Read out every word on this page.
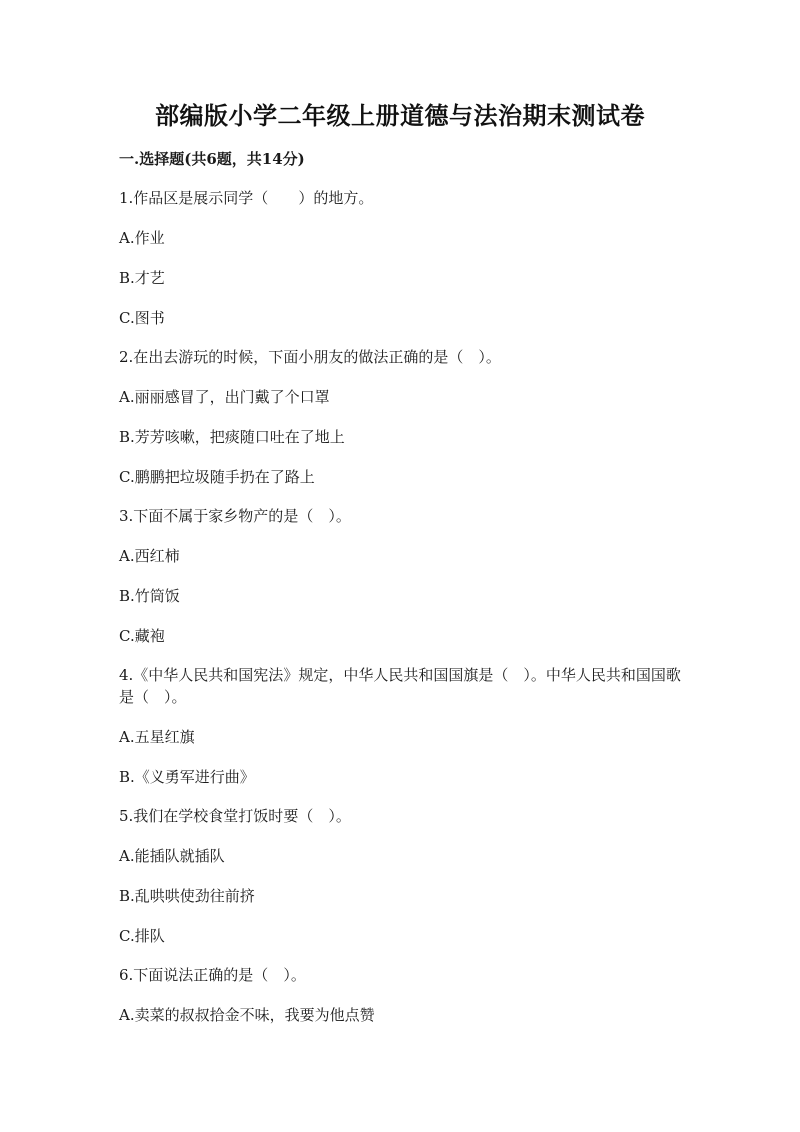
部编版小学二年级上册道德与法治期末测试卷
一.选择题(共6题，共14分)
1.作品区是展示同学（　　）的地方。
A.作业
B.才艺
C.图书
2.在出去游玩的时候，下面小朋友的做法正确的是（　）。
A.丽丽感冒了，出门戴了个口罩
B.芳芳咳嗽，把痰随口吐在了地上
C.鹏鹏把垃圾随手扔在了路上
3.下面不属于家乡物产的是（　）。
A.西红柿
B.竹筒饭
C.藏袍
4.《中华人民共和国宪法》规定，中华人民共和国国旗是（　）。中华人民共和国国歌是（　）。
A.五星红旗
B.《义勇军进行曲》
5.我们在学校食堂打饭时要（　）。
A.能插队就插队
B.乱哄哄使劲往前挤
C.排队
6.下面说法正确的是（　）。
A.卖菜的叔叔拾金不味，我要为他点赞
